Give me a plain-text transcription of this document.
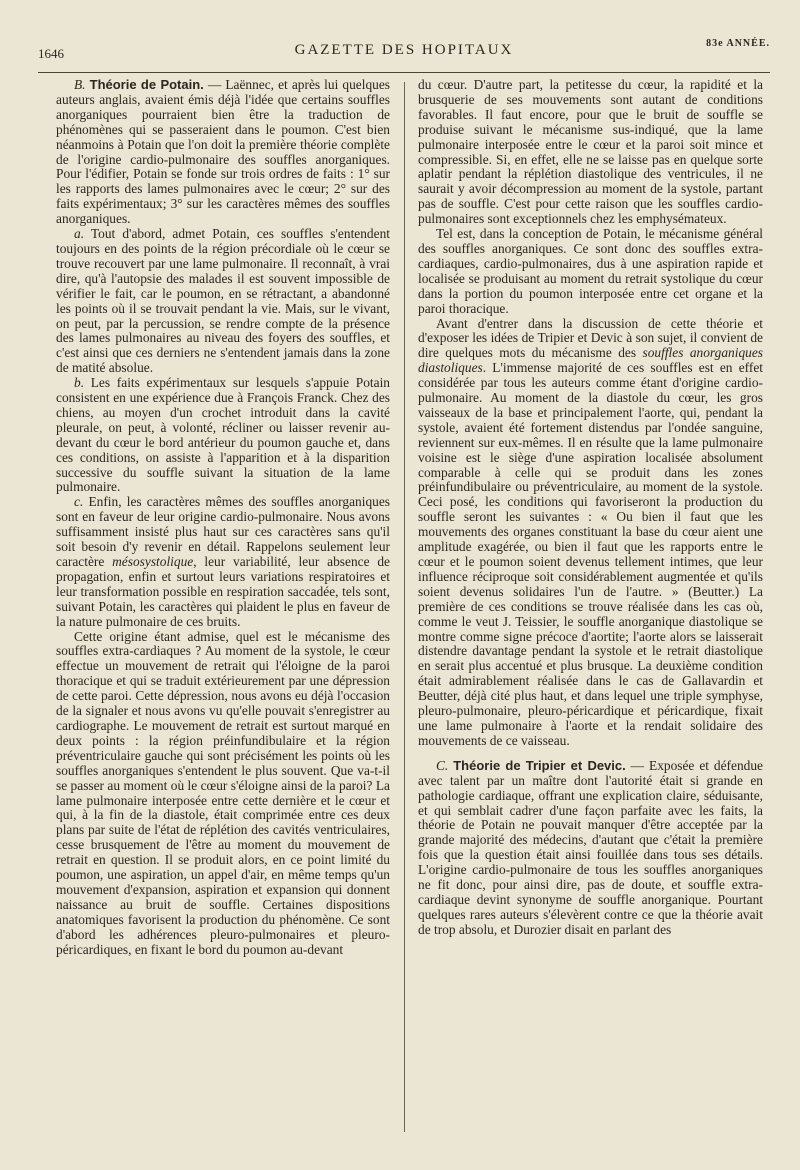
1646	GAZETTE DES HOPITAUX	83e ANNÉE.

B. Théorie de Potain. — Laënnec, et après lui quelques auteurs anglais, avaient émis déjà l'idée que certains souffles anorganiques pourraient bien être la traduction de phénomènes qui se passeraient dans le poumon. C'est bien néanmoins à Potain que l'on doit la première théorie complète de l'origine cardio-pulmonaire des souffles anorganiques. Pour l'édifier, Potain se fonde sur trois ordres de faits : 1° sur les rapports des lames pulmonaires avec le cœur; 2° sur des faits expérimentaux; 3° sur les caractères mêmes des souffles anorganiques.

a. Tout d'abord, admet Potain, ces souffles s'entendent toujours en des points de la région précordiale où le cœur se trouve recouvert par une lame pulmonaire. Il reconnaît, à vrai dire, qu'à l'autopsie des malades il est souvent impossible de vérifier le fait, car le poumon, en se rétractant, a abandonné les points où il se trouvait pendant la vie. Mais, sur le vivant, on peut, par la percussion, se rendre compte de la présence des lames pulmonaires au niveau des foyers des souffles, et c'est ainsi que ces derniers ne s'entendent jamais dans la zone de matité absolue.

b. Les faits expérimentaux sur lesquels s'appuie Potain consistent en une expérience due à François Franck. Chez des chiens, au moyen d'un crochet introduit dans la cavité pleurale, on peut, à volonté, récliner ou laisser revenir au-devant du cœur le bord antérieur du poumon gauche et, dans ces conditions, on assiste à l'apparition et à la disparition successive du souffle suivant la situation de la lame pulmonaire.

c. Enfin, les caractères mêmes des souffles anorganiques sont en faveur de leur origine cardio-pulmonaire. Nous avons suffisamment insisté plus haut sur ces caractères sans qu'il soit besoin d'y revenir en détail. Rappelons seulement leur caractère mésosystolique, leur variabilité, leur absence de propagation, enfin et surtout leurs variations respiratoires et leur transformation possible en respiration saccadée, tels sont, suivant Potain, les caractères qui plaident le plus en faveur de la nature pulmonaire de ces bruits.

Cette origine étant admise, quel est le mécanisme des souffles extra-cardiaques ? Au moment de la systole, le cœur effectue un mouvement de retrait qui l'éloigne de la paroi thoracique et qui se traduit extérieurement par une dépression de cette paroi. Cette dépression, nous avons eu déjà l'occasion de la signaler et nous avons vu qu'elle pouvait s'enregistrer au cardiographe. Le mouvement de retrait est surtout marqué en deux points : la région préinfundibulaire et la région préventriculaire gauche qui sont précisément les points où les souffles anorganiques s'entendent le plus souvent. Que va-t-il se passer au moment où le cœur s'éloigne ainsi de la paroi? La lame pulmonaire interposée entre cette dernière et le cœur et qui, à la fin de la diastole, était comprimée entre ces deux plans par suite de l'état de réplétion des cavités ventriculaires, cesse brusquement de l'être au moment du mouvement de retrait en question. Il se produit alors, en ce point limité du poumon, une aspiration, un appel d'air, en même temps qu'un mouvement d'expansion, aspiration et expansion qui donnent naissance au bruit de souffle. Certaines dispositions anatomiques favorisent la production du phénomène. Ce sont d'abord les adhérences pleuro-pulmonaires et pleuro-péricardiques, en fixant le bord du poumon au-devant

du cœur. D'autre part, la petitesse du cœur, la rapidité et la brusquerie de ses mouvements sont autant de conditions favorables. Il faut encore, pour que le bruit de souffle se produise suivant le mécanisme sus-indiqué, que la lame pulmonaire interposée entre le cœur et la paroi soit mince et compressible. Si, en effet, elle ne se laisse pas en quelque sorte aplatir pendant la réplétion diastolique des ventricules, il ne saurait y avoir décompression au moment de la systole, partant pas de souffle. C'est pour cette raison que les souffles cardio-pulmonaires sont exceptionnels chez les emphysémateux.

Tel est, dans la conception de Potain, le mécanisme général des souffles anorganiques. Ce sont donc des souffles extra-cardiaques, cardio-pulmonaires, dus à une aspiration rapide et localisée se produisant au moment du retrait systolique du cœur dans la portion du poumon interposée entre cet organe et la paroi thoracique.

Avant d'entrer dans la discussion de cette théorie et d'exposer les idées de Tripier et Devic à son sujet, il convient de dire quelques mots du mécanisme des souffles anorganiques diastoliques. L'immense majorité de ces souffles est en effet considérée par tous les auteurs comme étant d'origine cardio-pulmonaire. Au moment de la diastole du cœur, les gros vaisseaux de la base et principalement l'aorte, qui, pendant la systole, avaient été fortement distendus par l'ondée sanguine, reviennent sur eux-mêmes. Il en résulte que la lame pulmonaire voisine est le siège d'une aspiration localisée absolument comparable à celle qui se produit dans les zones préinfundibulaire ou préventriculaire, au moment de la systole. Ceci posé, les conditions qui favoriseront la production du souffle seront les suivantes : « Ou bien il faut que les mouvements des organes constituant la base du cœur aient une amplitude exagérée, ou bien il faut que les rapports entre le cœur et le poumon soient devenus tellement intimes, que leur influence réciproque soit considérablement augmentée et qu'ils soient devenus solidaires l'un de l'autre. » (Beutter.) La première de ces conditions se trouve réalisée dans les cas où, comme le veut J. Teissier, le souffle anorganique diastolique se montre comme signe précoce d'aortite; l'aorte alors se laisserait distendre davantage pendant la systole et le retrait diastolique en serait plus accentué et plus brusque. La deuxième condition était admirablement réalisée dans le cas de Gallavardin et Beutter, déjà cité plus haut, et dans lequel une triple symphyse, pleuro-pulmonaire, pleuro-péricardique et péricardique, fixait une lame pulmonaire à l'aorte et la rendait solidaire des mouvements de ce vaisseau.

C. Théorie de Tripier et Devic. — Exposée et défendue avec talent par un maître dont l'autorité était si grande en pathologie cardiaque, offrant une explication claire, séduisante, et qui semblait cadrer d'une façon parfaite avec les faits, la théorie de Potain ne pouvait manquer d'être acceptée par la grande majorité des médecins, d'autant que c'était la première fois que la question était ainsi fouillée dans tous ses détails. L'origine cardio-pulmonaire de tous les souffles anorganiques ne fit donc, pour ainsi dire, pas de doute, et souffle extra-cardiaque devint synonyme de souffle anorganique. Pourtant quelques rares auteurs s'élevèrent contre ce que la théorie avait de trop absolu, et Durozier disait en parlant des
